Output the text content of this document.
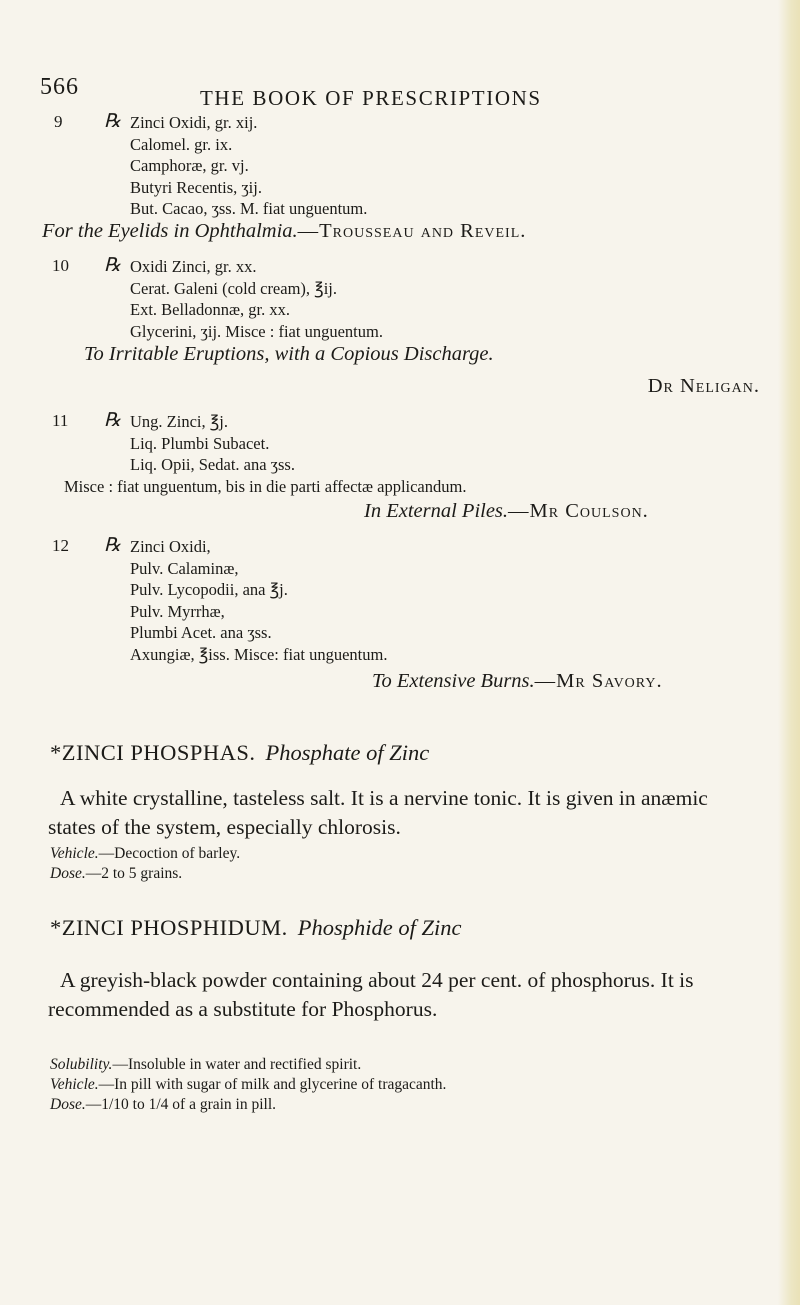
566	THE BOOK OF PRESCRIPTIONS
9 ℞ Zinci Oxidi, gr. xij.

Calomel. gr. ix.

Camphoræ, gr. vj.

Butyri Recentis, ʒij.

But. Cacao, ʒss. M. fiat unguentum.

For the Eyelids in Ophthalmia.—Trousseau and Reveil.
10 ℞ Oxidi Zinci, gr. xx.

Cerat. Galeni (cold cream), ℥ij.

Ext. Belladonnæ, gr. xx.

Glycerini, ʒij. Misce : fiat unguentum.

To Irritable Eruptions, with a Copious Discharge.
Dr Neligan.
11 ℞ Ung. Zinci, ℥j.

Liq. Plumbi Subacet.

Liq. Opii, Sedat. ana ʒss.

Misce : fiat unguentum, bis in die parti affectæ applicandum.

In External Piles.—Mr Coulson.
12 ℞ Zinci Oxidi,

Pulv. Calaminæ,

Pulv. Lycopodii, ana ℥j.

Pulv. Myrrhæ,

Plumbi Acet. ana ʒss.

Axungiæ, ℥iss. Misce: fiat unguentum.

To Extensive Burns.—Mr Savory.
*ZINCI PHOSPHAS. Phosphate of Zinc
A white crystalline, tasteless salt. It is a nervine tonic. It is given in anæmic states of the system, especially chlorosis.
Vehicle.—Decoction of barley.
Dose.—2 to 5 grains.
*ZINCI PHOSPHIDUM. Phosphide of Zinc
A greyish-black powder containing about 24 per cent. of phosphorus. It is recommended as a substitute for Phosphorus.
Solubility.—Insoluble in water and rectified spirit.
Vehicle.—In pill with sugar of milk and glycerine of tragacanth.
Dose.—1/10 to 1/4 of a grain in pill.
